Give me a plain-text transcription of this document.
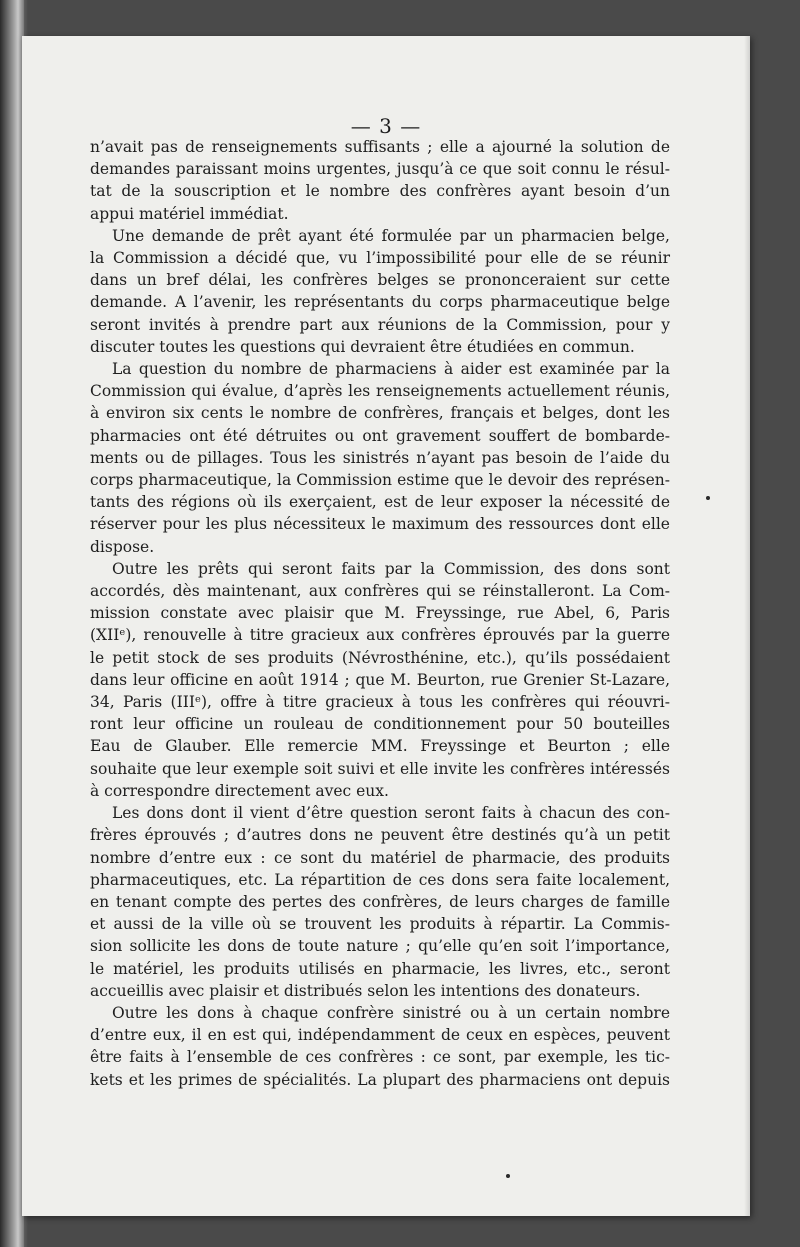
— 3 —
n’avait pas de renseignements suffisants ; elle a ajourné la solution de
demandes paraissant moins urgentes, jusqu’à ce que soit connu le résul-
tat de la souscription et le nombre des confrères ayant besoin d’un
appui matériel immédiat.
Une demande de prêt ayant été formulée par un pharmacien belge,
la Commission a décidé que, vu l’impossibilité pour elle de se réunir
dans un bref délai, les confrères belges se prononceraient sur cette
demande. A l’avenir, les représentants du corps pharmaceutique belge
seront invités à prendre part aux réunions de la Commission, pour y
discuter toutes les questions qui devraient être étudiées en commun.
La question du nombre de pharmaciens à aider est examinée par la
Commission qui évalue, d’après les renseignements actuellement réunis,
à environ six cents le nombre de confrères, français et belges, dont les
pharmacies ont été détruites ou ont gravement souffert de bombarde-
ments ou de pillages. Tous les sinistrés n’ayant pas besoin de l’aide du
corps pharmaceutique, la Commission estime que le devoir des représen-
tants des régions où ils exerçaient, est de leur exposer la nécessité de
réserver pour les plus nécessiteux le maximum des ressources dont elle
dispose.
Outre les prêts qui seront faits par la Commission, des dons sont
accordés, dès maintenant, aux confrères qui se réinstalleront. La Com-
mission constate avec plaisir que M. Freyssinge, rue Abel, 6, Paris
(XIIᵉ), renouvelle à titre gracieux aux confrères éprouvés par la guerre
le petit stock de ses produits (Névrosthénine, etc.), qu’ils possédaient
dans leur officine en août 1914 ; que M. Beurton, rue Grenier St-Lazare,
34, Paris (IIIᵉ), offre à titre gracieux à tous les confrères qui réouvri-
ront leur officine un rouleau de conditionnement pour 50 bouteilles
Eau de Glauber. Elle remercie MM. Freyssinge et Beurton ; elle
souhaite que leur exemple soit suivi et elle invite les confrères intéressés
à correspondre directement avec eux.
Les dons dont il vient d’être question seront faits à chacun des con-
frères éprouvés ; d’autres dons ne peuvent être destinés qu’à un petit
nombre d’entre eux : ce sont du matériel de pharmacie, des produits
pharmaceutiques, etc. La répartition de ces dons sera faite localement,
en tenant compte des pertes des confrères, de leurs charges de famille
et aussi de la ville où se trouvent les produits à répartir. La Commis-
sion sollicite les dons de toute nature ; qu’elle qu’en soit l’importance,
le matériel, les produits utilisés en pharmacie, les livres, etc., seront
accueillis avec plaisir et distribués selon les intentions des donateurs.
Outre les dons à chaque confrère sinistré ou à un certain nombre
d’entre eux, il en est qui, indépendamment de ceux en espèces, peuvent
être faits à l’ensemble de ces confrères : ce sont, par exemple, les tic-
kets et les primes de spécialités. La plupart des pharmaciens ont depuis
